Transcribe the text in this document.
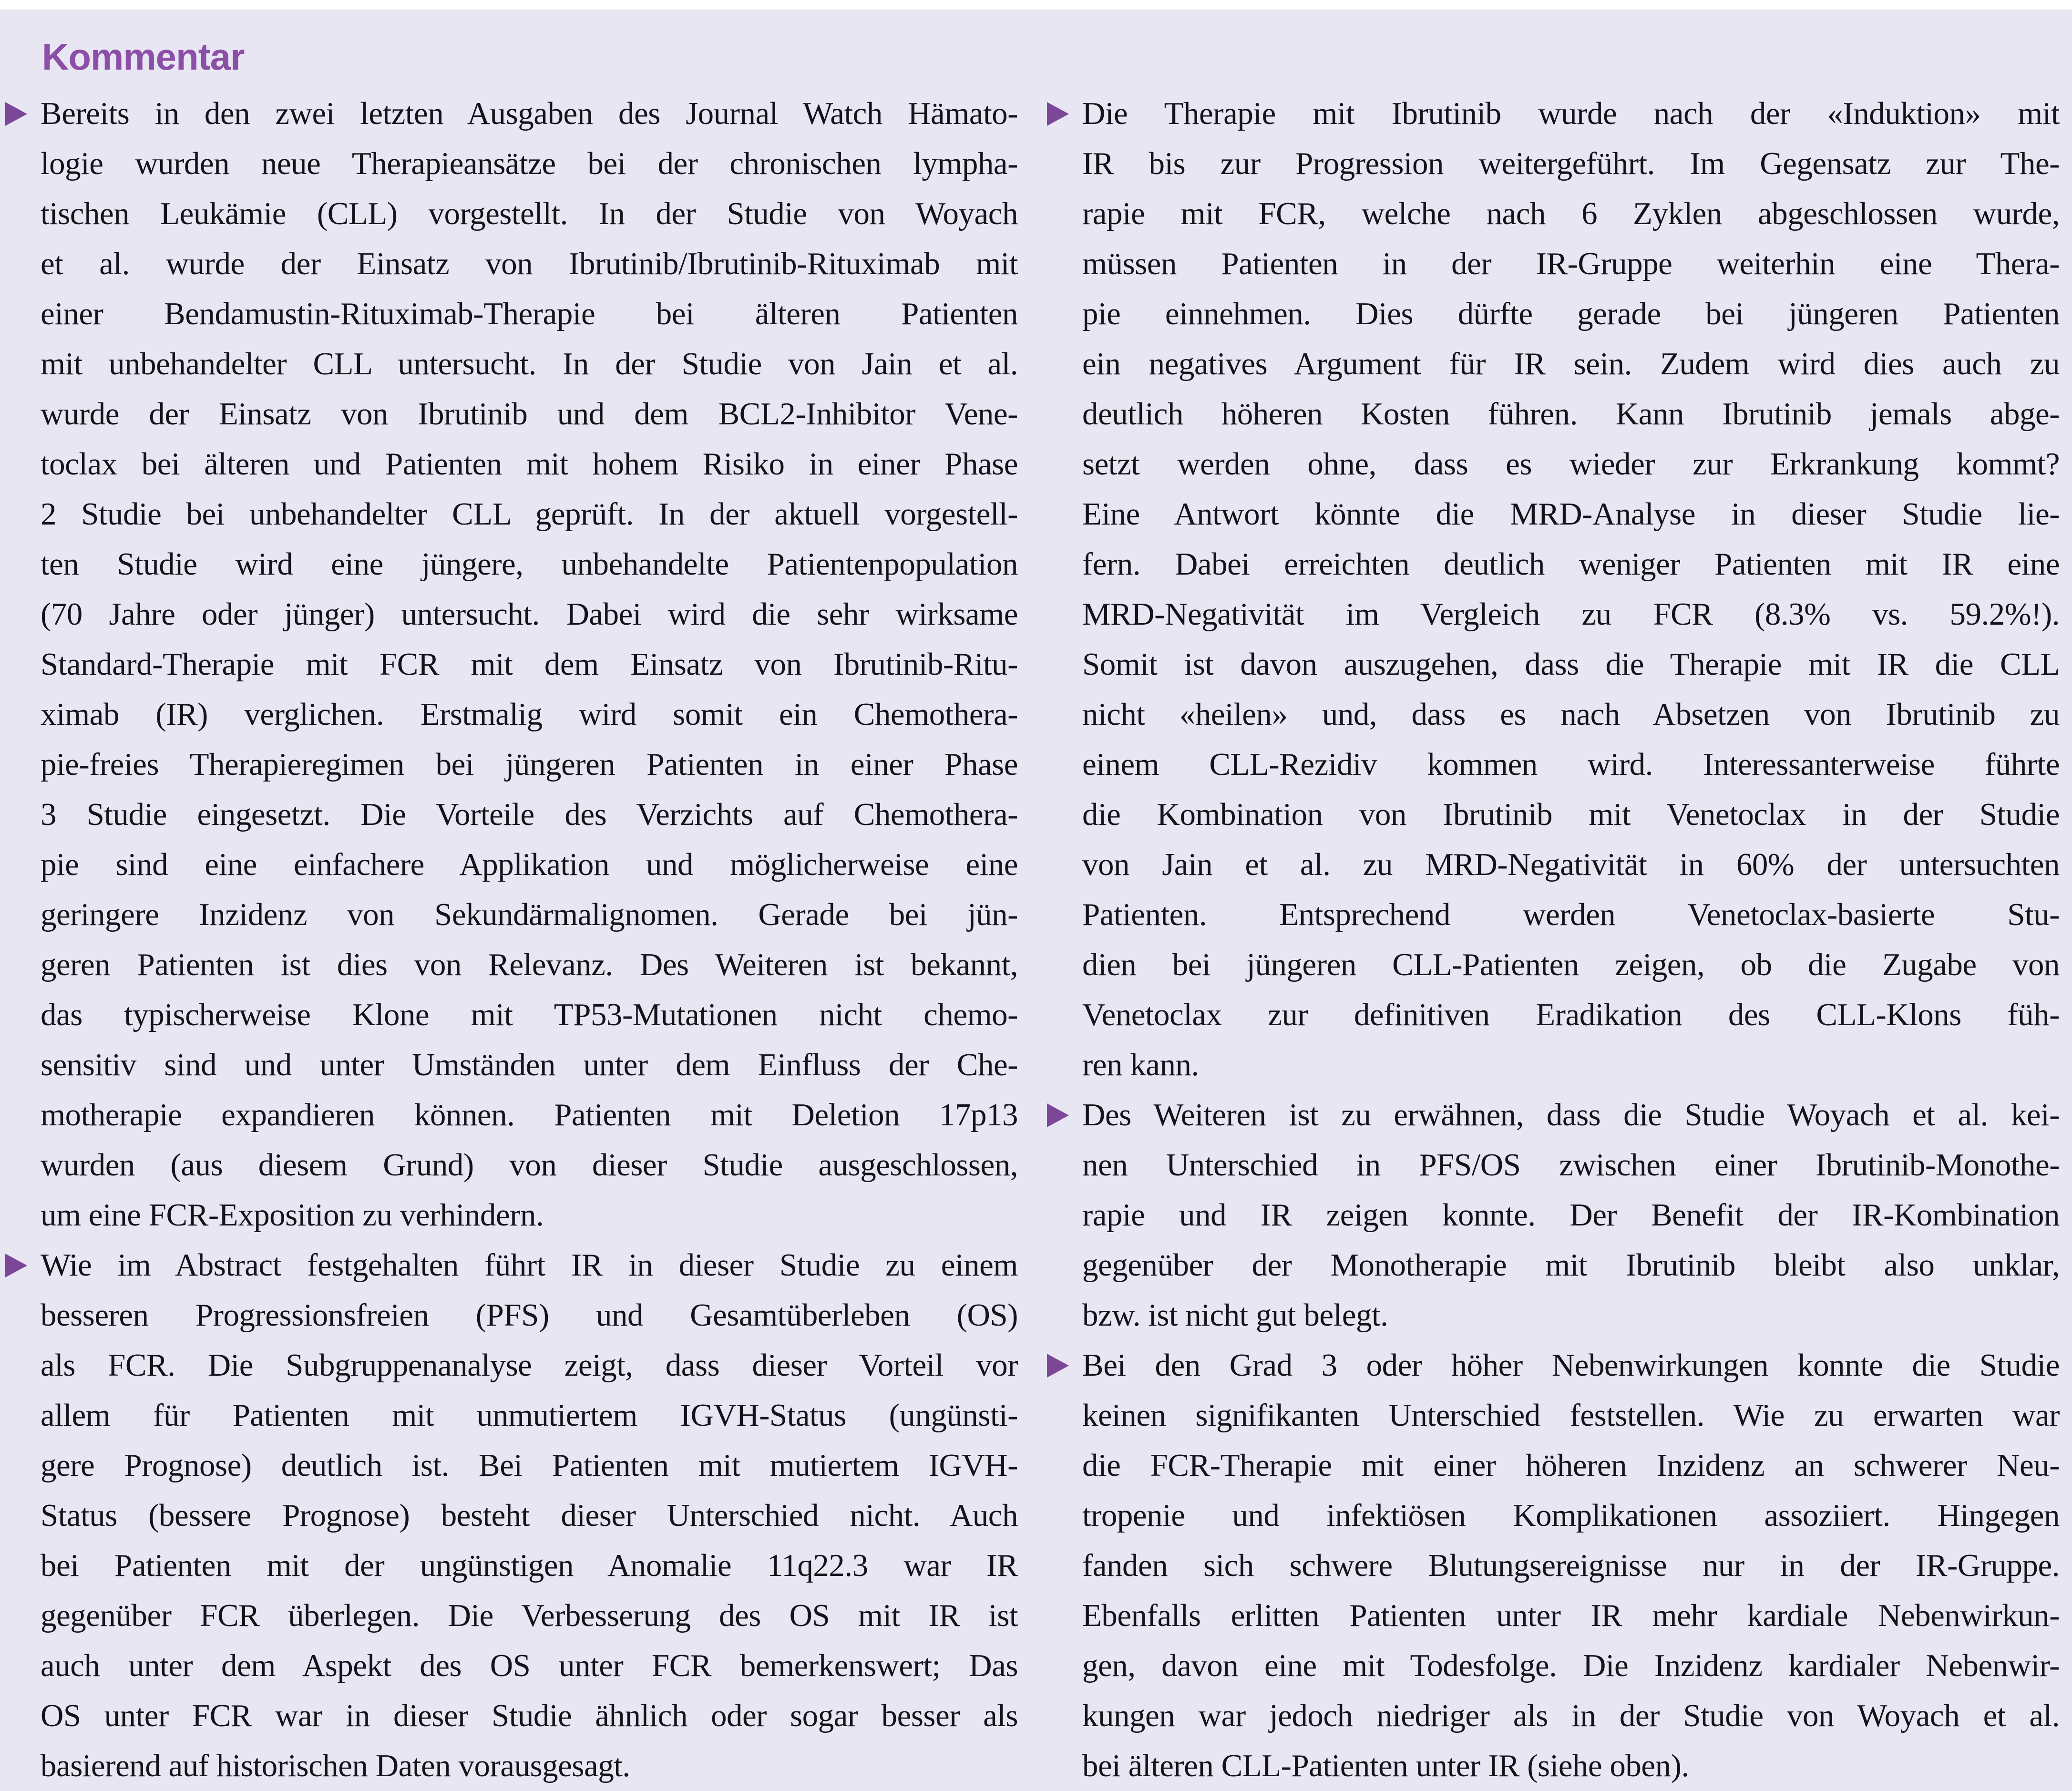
Kommentar
Bereits in den zwei letzten Ausgaben des Journal Watch Hämato-
logie wurden neue Therapieansätze bei der chronischen lympha-
tischen Leukämie (CLL) vorgestellt. In der Studie von Woyach
et al. wurde der Einsatz von Ibrutinib/Ibrutinib-Rituximab mit
einer Bendamustin-Rituximab-Therapie bei älteren Patienten
mit unbehandelter CLL untersucht. In der Studie von Jain et al.
wurde der Einsatz von Ibrutinib und dem BCL2-Inhibitor Vene-
toclax bei älteren und Patienten mit hohem Risiko in einer Phase
2 Studie bei unbehandelter CLL geprüft. In der aktuell vorgestell-
ten Studie wird eine jüngere, unbehandelte Patientenpopulation
(70 Jahre oder jünger) untersucht. Dabei wird die sehr wirksame
Standard-Therapie mit FCR mit dem Einsatz von Ibrutinib-Ritu-
ximab (IR) verglichen. Erstmalig wird somit ein Chemothera-
pie-freies Therapieregimen bei jüngeren Patienten in einer Phase
3 Studie eingesetzt. Die Vorteile des Verzichts auf Chemothera-
pie sind eine einfachere Applikation und möglicherweise eine
geringere Inzidenz von Sekundärmalignomen. Gerade bei jün-
geren Patienten ist dies von Relevanz. Des Weiteren ist bekannt,
das typischerweise Klone mit TP53-Mutationen nicht chemo-
sensitiv sind und unter Umständen unter dem Einfluss der Che-
motherapie expandieren können. Patienten mit Deletion 17p13
wurden (aus diesem Grund) von dieser Studie ausgeschlossen,
um eine FCR-Exposition zu verhindern.
Wie im Abstract festgehalten führt IR in dieser Studie zu einem
besseren Progressionsfreien (PFS) und Gesamtüberleben (OS)
als FCR. Die Subgruppenanalyse zeigt, dass dieser Vorteil vor
allem für Patienten mit unmutiertem IGVH-Status (ungünsti-
gere Prognose) deutlich ist. Bei Patienten mit mutiertem IGVH-
Status (bessere Prognose) besteht dieser Unterschied nicht. Auch
bei Patienten mit der ungünstigen Anomalie 11q22.3 war IR
gegenüber FCR überlegen. Die Verbesserung des OS mit IR ist
auch unter dem Aspekt des OS unter FCR bemerkenswert; Das
OS unter FCR war in dieser Studie ähnlich oder sogar besser als
basierend auf historischen Daten vorausgesagt.
Die Therapie mit Ibrutinib wurde nach der «Induktion» mit
IR bis zur Progression weitergeführt. Im Gegensatz zur The-
rapie mit FCR, welche nach 6 Zyklen abgeschlossen wurde,
müssen Patienten in der IR-Gruppe weiterhin eine Thera-
pie einnehmen. Dies dürfte gerade bei jüngeren Patienten
ein negatives Argument für IR sein. Zudem wird dies auch zu
deutlich höheren Kosten führen. Kann Ibrutinib jemals abge-
setzt werden ohne, dass es wieder zur Erkrankung kommt?
Eine Antwort könnte die MRD-Analyse in dieser Studie lie-
fern. Dabei erreichten deutlich weniger Patienten mit IR eine
MRD-Negativität im Vergleich zu FCR (8.3% vs. 59.2%!).
Somit ist davon auszugehen, dass die Therapie mit IR die CLL
nicht «heilen» und, dass es nach Absetzen von Ibrutinib zu
einem CLL-Rezidiv kommen wird. Interessanterweise führte
die Kombination von Ibrutinib mit Venetoclax in der Studie
von Jain et al. zu MRD-Negativität in 60% der untersuchten
Patienten. Entsprechend werden Venetoclax-basierte Stu-
dien bei jüngeren CLL-Patienten zeigen, ob die Zugabe von
Venetoclax zur definitiven Eradikation des CLL-Klons füh-
ren kann.
Des Weiteren ist zu erwähnen, dass die Studie Woyach et al. kei-
nen Unterschied in PFS/OS zwischen einer Ibrutinib-Monothe-
rapie und IR zeigen konnte. Der Benefit der IR-Kombination
gegenüber der Monotherapie mit Ibrutinib bleibt also unklar,
bzw. ist nicht gut belegt.
Bei den Grad 3 oder höher Nebenwirkungen konnte die Studie
keinen signifikanten Unterschied feststellen. Wie zu erwarten war
die FCR-Therapie mit einer höheren Inzidenz an schwerer Neu-
tropenie und infektiösen Komplikationen assoziiert. Hingegen
fanden sich schwere Blutungsereignisse nur in der IR-Gruppe.
Ebenfalls erlitten Patienten unter IR mehr kardiale Nebenwirkun-
gen, davon eine mit Todesfolge. Die Inzidenz kardialer Nebenwir-
kungen war jedoch niedriger als in der Studie von Woyach et al.
bei älteren CLL-Patienten unter IR (siehe oben).
